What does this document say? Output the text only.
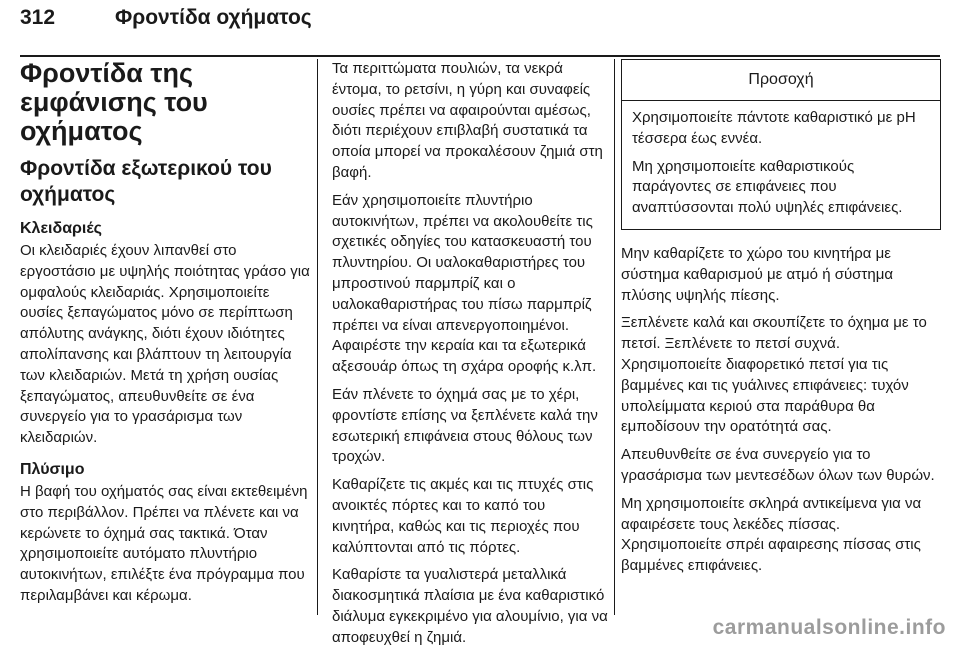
312	Φροντίδα οχήματος
Φροντίδα της εμφάνισης του οχήματος
Φροντίδα εξωτερικού του οχήματος
Κλειδαριές

Οι κλειδαριές έχουν λιπανθεί στο εργοστάσιο με υψηλής ποιότητας γράσο για ομφαλούς κλειδαριάς. Χρησιμοποιείτε ουσίες ξεπαγώματος μόνο σε περίπτωση απόλυτης ανάγκης, διότι έχουν ιδιότητες απολίπανσης και βλάπτουν τη λειτουργία των κλειδαριών. Μετά τη χρήση ουσίας ξεπαγώματος, απευθυνθείτε σε ένα συνεργείο για το γρασάρισμα των κλειδαριών.

Πλύσιμο

Η βαφή του οχήματός σας είναι εκτεθειμένη στο περιβάλλον. Πρέπει να πλένετε και να κερώνετε το όχημά σας τακτικά. Όταν χρησιμοποιείτε αυτόματο πλυντήριο αυτοκινήτων, επιλέξτε ένα πρόγραμμα που περιλαμβάνει και κέρωμα.

Τα περιττώματα πουλιών, τα νεκρά έντομα, το ρετσίνι, η γύρη και συναφείς ουσίες πρέπει να αφαιρούνται αμέσως, διότι περιέχουν επιβλαβή συστατικά τα οποία μπορεί να προκαλέσουν ζημιά στη βαφή.

Εάν χρησιμοποιείτε πλυντήριο αυτοκινήτων, πρέπει να ακολουθείτε τις σχετικές οδηγίες του κατασκευαστή του πλυντηρίου. Οι υαλοκαθαριστήρες του μπροστινού παρμπρίζ και ο υαλοκαθαριστήρας του πίσω παρμπρίζ πρέπει να είναι απενεργοποιημένοι. Αφαιρέστε την κεραία και τα εξωτερικά αξεσουάρ όπως τη σχάρα οροφής κ.λπ.

Εάν πλένετε το όχημά σας με το χέρι, φροντίστε επίσης να ξεπλένετε καλά την εσωτερική επιφάνεια στους θόλους των τροχών.

Καθαρίζετε τις ακμές και τις πτυχές στις ανοικτές πόρτες και το καπό του κινητήρα, καθώς και τις περιοχές που καλύπτονται από τις πόρτες.

Καθαρίστε τα γυαλιστερά μεταλλικά διακοσμητικά πλαίσια με ένα καθαριστικό διάλυμα εγκεκριμένο για αλουμίνιο, για να αποφευχθεί η ζημιά.

Προσοχή

Χρησιμοποιείτε πάντοτε καθαριστικό με pH τέσσερα έως εννέα.

Μη χρησιμοποιείτε καθαριστικούς παράγοντες σε επιφάνειες που αναπτύσσονται πολύ υψηλές επιφάνειες.

Μην καθαρίζετε το χώρο του κινητήρα με σύστημα καθαρισμού με ατμό ή σύστημα πλύσης υψηλής πίεσης.

Ξεπλένετε καλά και σκουπίζετε το όχημα με το πετσί. Ξεπλένετε το πετσί συχνά. Χρησιμοποιείτε διαφορετικό πετσί για τις βαμμένες και τις γυάλινες επιφάνειες: τυχόν υπολείμματα κεριού στα παράθυρα θα εμποδίσουν την ορατότητά σας.

Απευθυνθείτε σε ένα συνεργείο για το γρασάρισμα των μεντεσέδων όλων των θυρών.

Μη χρησιμοποιείτε σκληρά αντικείμενα για να αφαιρέσετε τους λεκέδες πίσσας. Χρησιμοποιείτε σπρέι αφαιρεσης πίσσας στις βαμμένες επιφάνειες.

carmanualsonline.info
